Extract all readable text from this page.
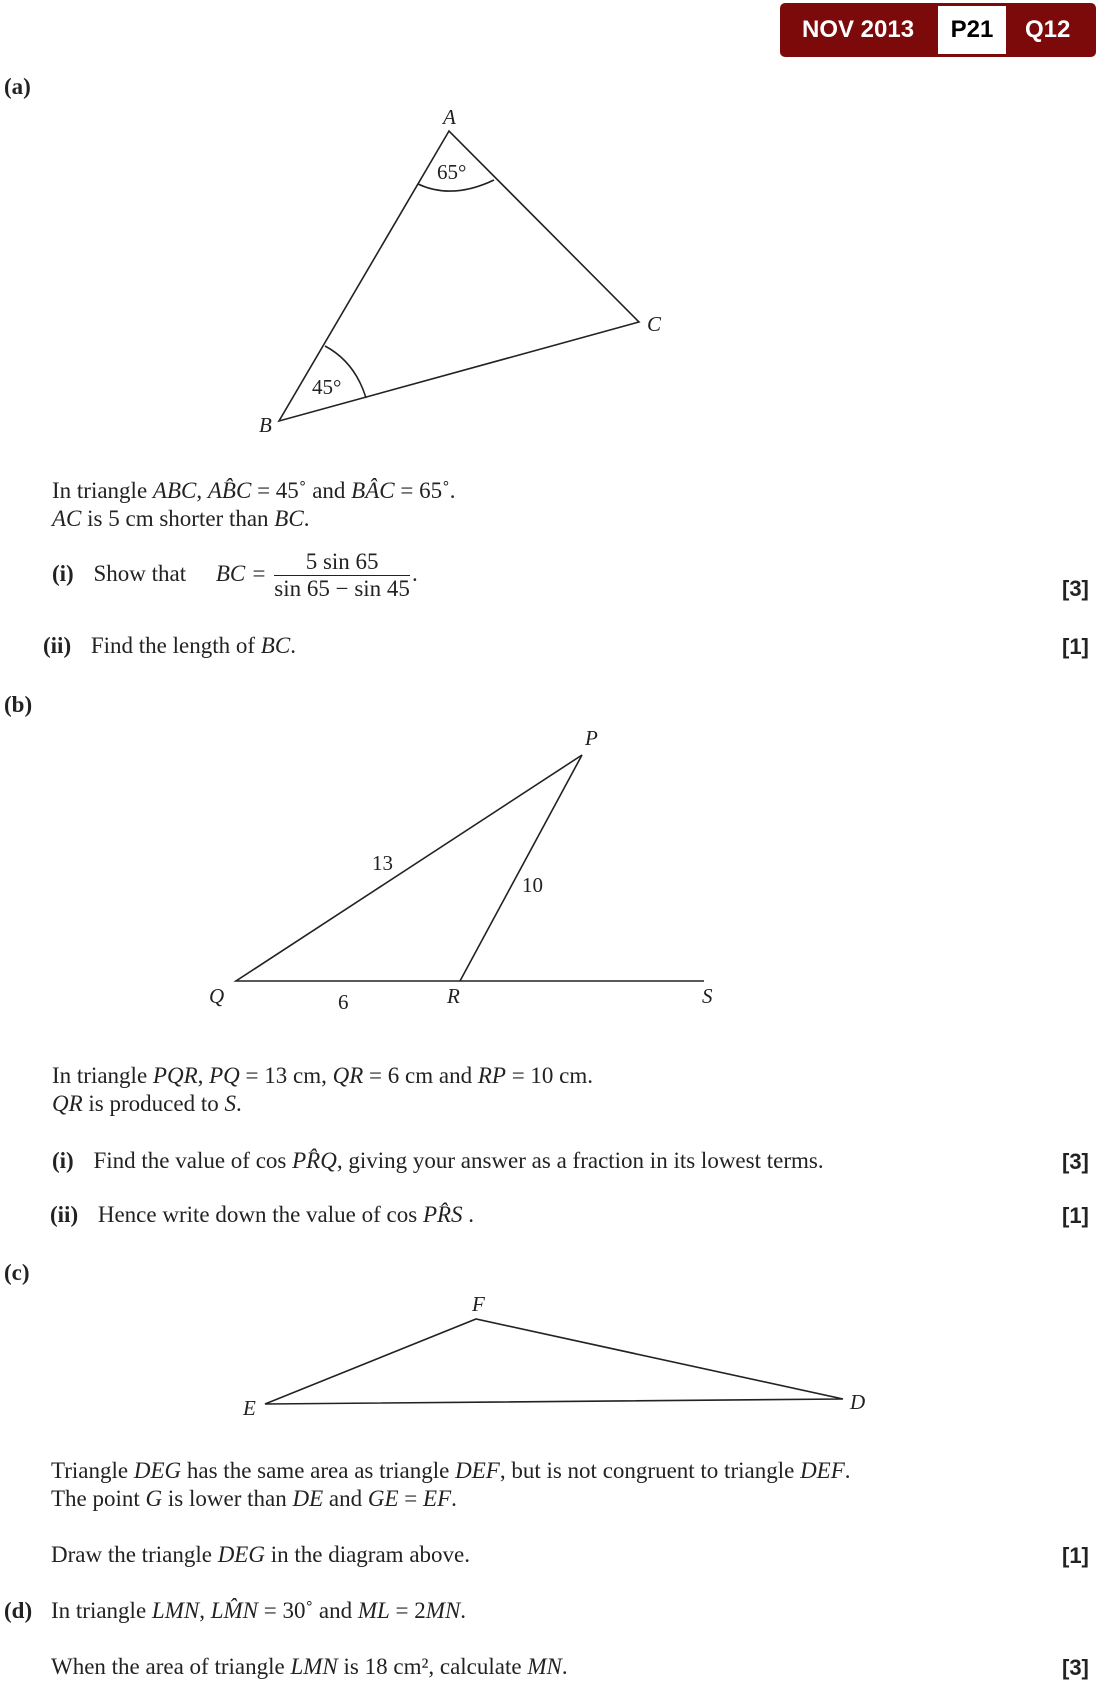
NOV 2013	P21	Q12
A
B
C
65°
45°
P
Q	R	S
13
10
6
F
E	D
(a)
In triangle ABC, AB̂C = 45˚ and BÂC = 65˚.
AC is 5 cm shorter than BC.
(i) Show that BC = $\frac{5 \sin 65}{\sin 65 - \sin 45}$ .
[3]
(ii) Find the length of BC.	[1]
(b)
In triangle PQR, PQ = 13 cm, QR = 6 cm and RP = 10 cm.
QR is produced to S.
(i) Find the value of cos PR̂Q, giving your answer as a fraction in its lowest terms.	[3]
(ii) Hence write down the value of cos PR̂S .	[1]
(c)
Triangle DEG has the same area as triangle DEF, but is not congruent to triangle DEF.
The point G is lower than DE and GE = EF.
Draw the triangle DEG in the diagram above.	[1]
(d) In triangle LMN, LM̂N = 30˚ and ML = 2MN.
When the area of triangle LMN is 18 cm², calculate MN.	[3]
